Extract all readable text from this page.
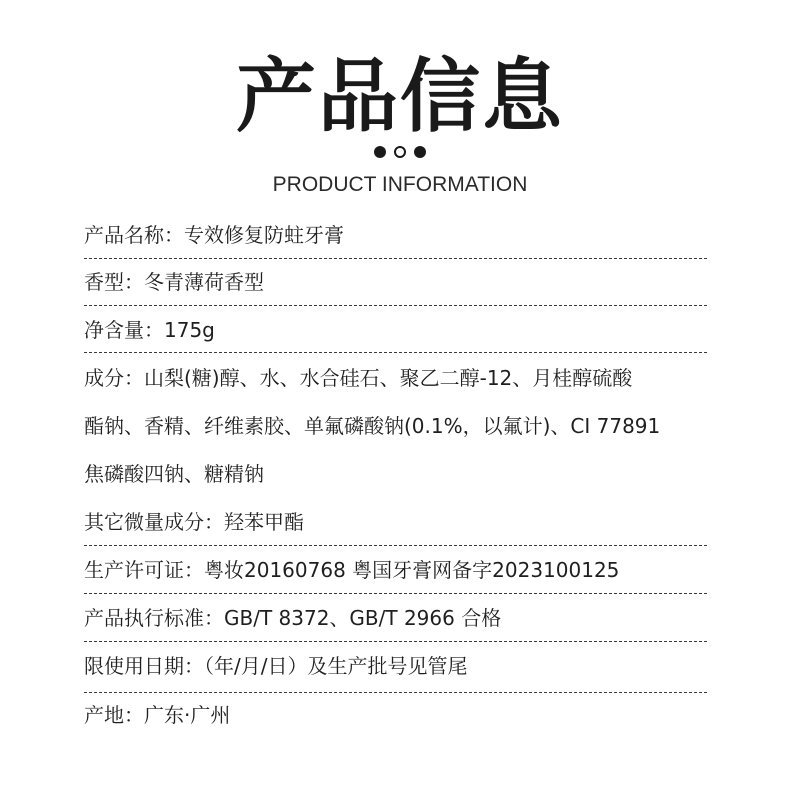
产品信息
PRODUCT INFORMATION
产品名称：专效修复防蛀牙膏
香型：冬青薄荷香型
净含量：175g
成分：山梨(糖)醇、水、水合硅石、聚乙二醇-12、月桂醇硫酸
酯钠、香精、纤维素胶、单氟磷酸钠(0.1%，以氟计)、CI 77891
焦磷酸四钠、糖精钠
其它微量成分：羟苯甲酯
生产许可证：粤妆20160768 粤国牙膏网备字2023100125
产品执行标准：GB/T 8372、GB/T 2966 合格
限使用日期：（年/月/日）及生产批号见管尾
产地：广东·广州
